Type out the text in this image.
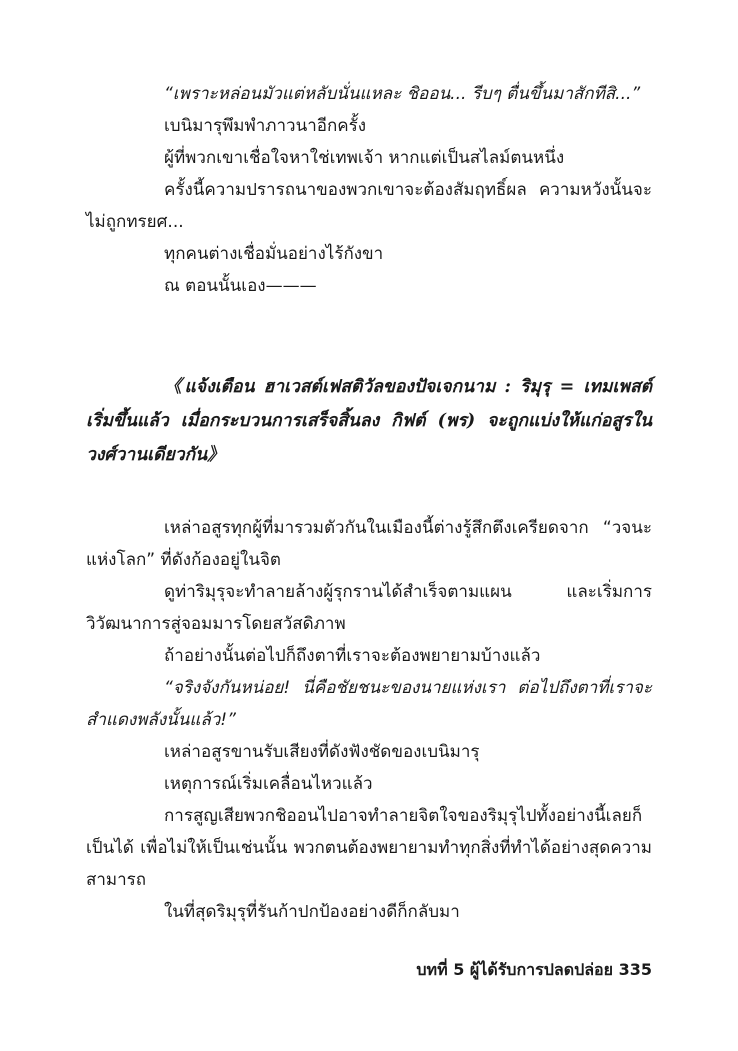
“เพราะหล่อนมัวแต่หลับนั่นแหละ ชิออน... รีบๆ ตื่นขึ้นมาสักทีสิ...”

เบนิมารุพึมพำภาวนาอีกครั้ง

ผู้ที่พวกเขาเชื่อใจหาใช่เทพเจ้า หากแต่เป็นสไลม์ตนหนึ่ง

ครั้งนี้ความปรารถนาของพวกเขาจะต้องสัมฤทธิ์ผล ความหวังนั้นจะไม่ถูกทรยศ...

ทุกคนต่างเชื่อมั่นอย่างไร้กังขา

ณ ตอนนั้นเอง———

《แจ้งเตือน ฮาเวสต์เฟสติวัลของปัจเจกนาม : ริมุรุ = เทมเพสต์ เริ่มขึ้นแล้ว เมื่อกระบวนการเสร็จสิ้นลง กิฟต์ (พร) จะถูกแบ่งให้แก่อสูรในวงศ์วานเดียวกัน》

เหล่าอสูรทุกผู้ที่มารวมตัวกันในเมืองนี้ต่างรู้สึกตึงเครียดจาก “วจนะแห่งโลก” ที่ดังก้องอยู่ในจิต

ดูท่าริมุรุจะทำลายล้างผู้รุกรานได้สำเร็จตามแผน และเริ่มการวิวัฒนาการสู่จอมมารโดยสวัสดิภาพ

ถ้าอย่างนั้นต่อไปก็ถึงตาที่เราจะต้องพยายามบ้างแล้ว

“จริงจังกันหน่อย! นี่คือชัยชนะของนายแห่งเรา ต่อไปถึงตาที่เราจะสำแดงพลังนั้นแล้ว!”

เหล่าอสูรขานรับเสียงที่ดังฟังชัดของเบนิมารุ

เหตุการณ์เริ่มเคลื่อนไหวแล้ว

การสูญเสียพวกชิออนไปอาจทำลายจิตใจของริมุรุไปทั้งอย่างนี้เลยก็เป็นได้ เพื่อไม่ให้เป็นเช่นนั้น พวกตนต้องพยายามทำทุกสิ่งที่ทำได้อย่างสุดความสามารถ

ในที่สุดริมุรุที่รันก้าปกป้องอย่างดีก็กลับมา

บทที่ 5 ผู้ได้รับการปลดปล่อย 335
